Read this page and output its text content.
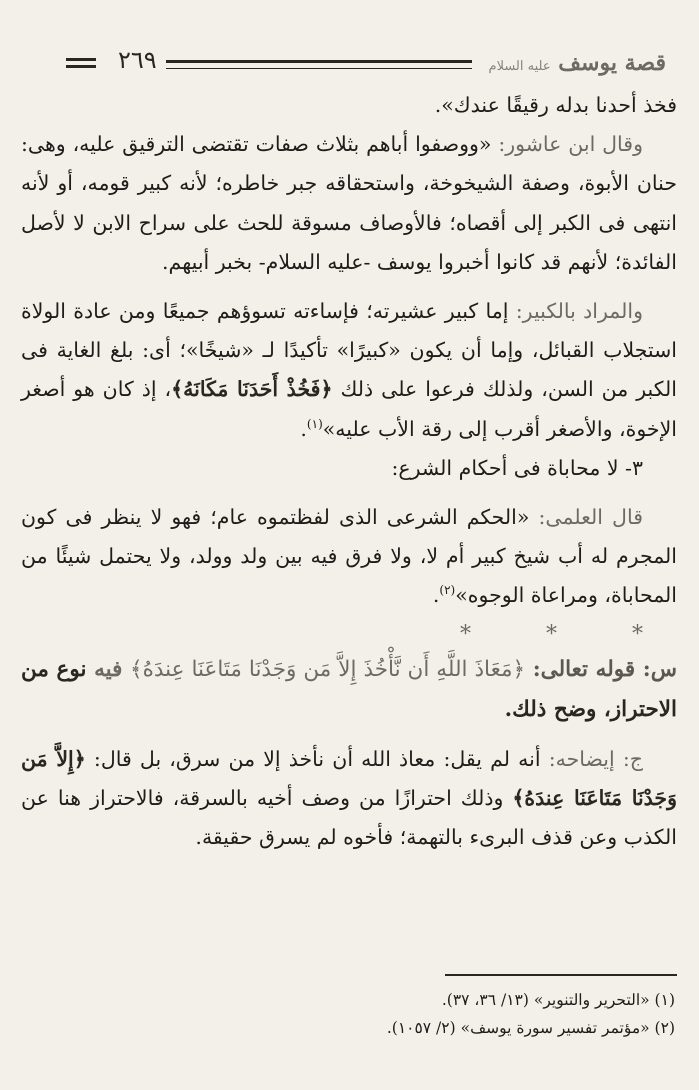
٢٦٩	قصة يوسف عليه السلام

فخذ أحدنا بدله رقيقًا عندك».

وقال ابن عاشور: «ووصفوا أباهم بثلاث صفات تقتضى الترقيق عليه، وهى: حنان الأبوة، وصفة الشيخوخة، واستحقاقه جبر خاطره؛ لأنه كبير قومه، أو لأنه انتهى فى الكبر إلى أقصاه؛ فالأوصاف مسوقة للحث على سراح الابن لا لأصل الفائدة؛ لأنهم قد كانوا أخبروا يوسف -عليه السلام- بخبر أبيهم.

والمراد بالكبير: إما كبير عشيرته؛ فإساءته تسوؤهم جميعًا ومن عادة الولاة استجلاب القبائل، وإما أن يكون «كبيرًا» تأكيدًا لـ «شيخًا»؛ أى: بلغ الغاية فى الكبر من السن، ولذلك فرعوا على ذلك ﴿فَخُذْ أَحَدَنَا مَكَانَهُ﴾، إذ كان هو أصغر الإخوة، والأصغر أقرب إلى رقة الأب عليه»$^{(١)}$.

٣- لا محاباة فى أحكام الشرع:

قال العلمى: «الحكم الشرعى الذى لفظتموه عام؛ فهو لا ينظر فى كون المجرم له أب شيخ كبير أم لا، ولا فرق فيه بين ولد وولد، ولا يحتمل شيئًا من المحاباة، ومراعاة الوجوه»$^{(٢)}$.

* * *

س: قوله تعالى: ﴿مَعَاذَ اللَّهِ أَن نَّأْخُذَ إِلاَّ مَن وَجَدْنَا مَتَاعَنَا عِندَهُ﴾ فيه نوع من الاحتراز، وضح ذلك.

ج: إيضاحه: أنه لم يقل: معاذ الله أن نأخذ إلا من سرق، بل قال: ﴿إِلاَّ مَن وَجَدْنَا مَتَاعَنَا عِندَهُ﴾ وذلك احترازًا من وصف أخيه بالسرقة، فالاحتراز هنا عن الكذب وعن قذف البرىء بالتهمة؛ فأخوه لم يسرق حقيقة.

(١) «التحرير والتنوير» (١٣/ ٣٦، ٣٧).

(٢) «مؤتمر تفسير سورة يوسف» (٢/ ١٠٥٧).
